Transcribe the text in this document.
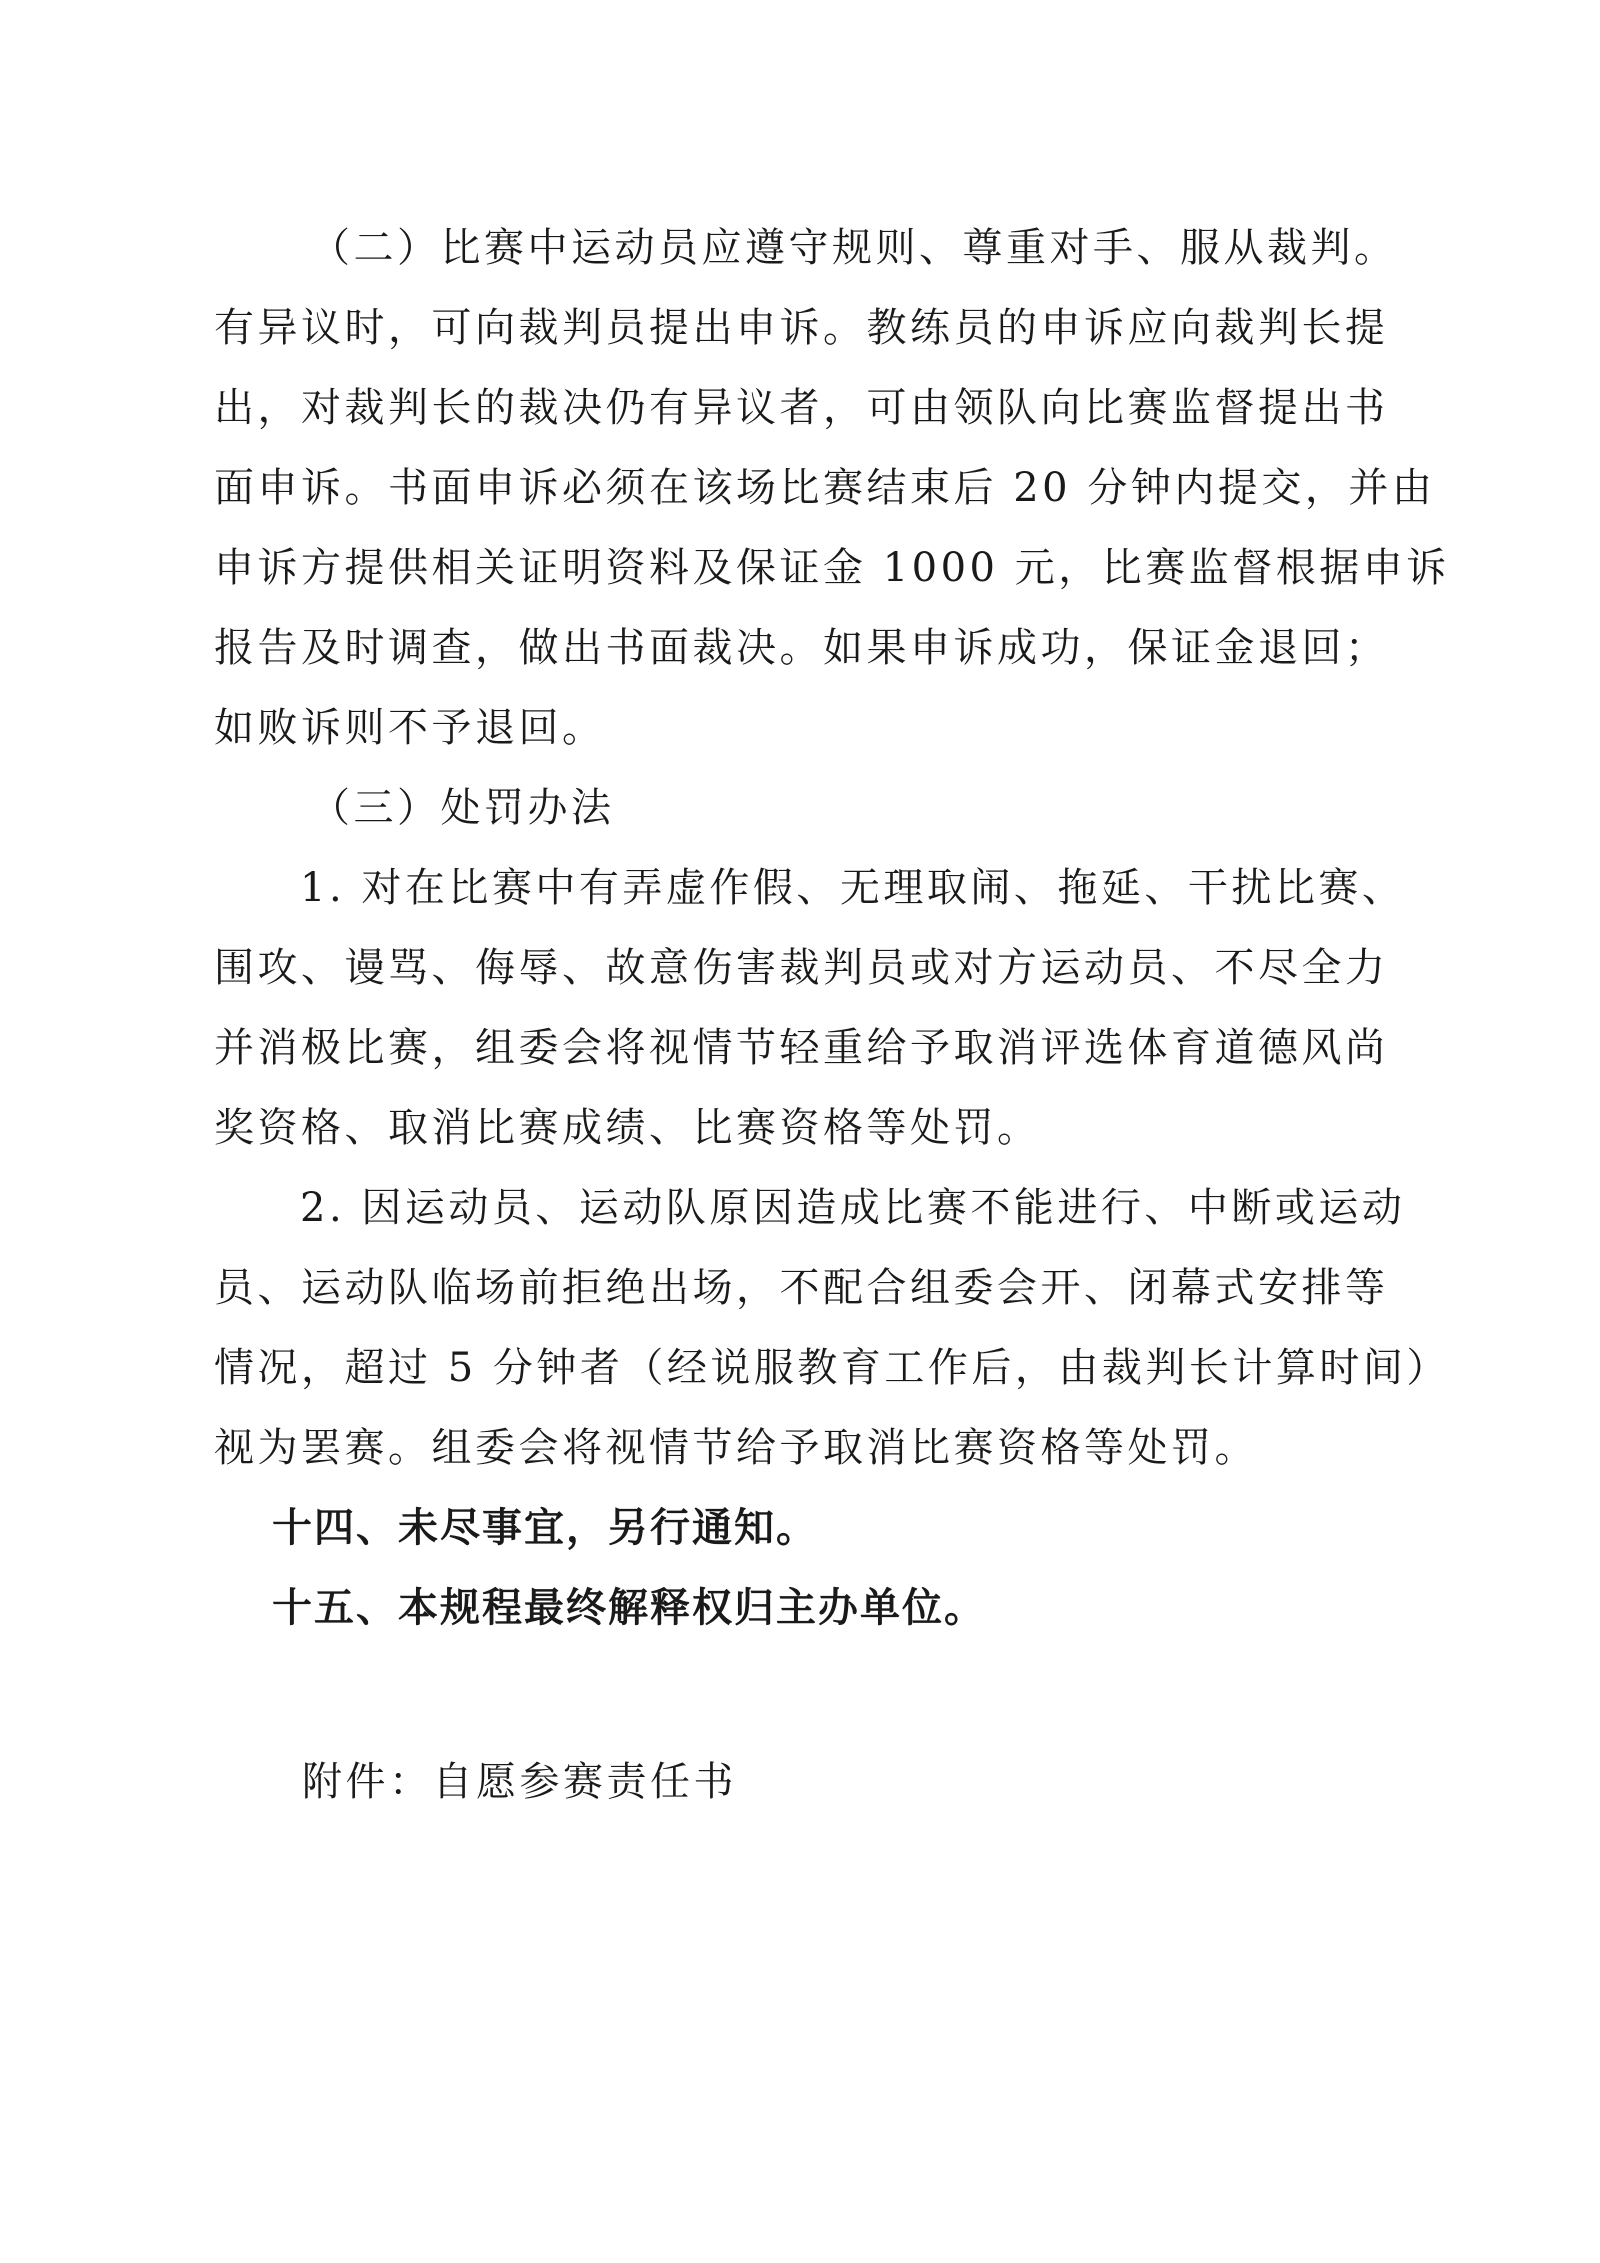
（二）比赛中运动员应遵守规则、尊重对手、服从裁判。
有异议时，可向裁判员提出申诉。教练员的申诉应向裁判长提
出，对裁判长的裁决仍有异议者，可由领队向比赛监督提出书
面申诉。书面申诉必须在该场比赛结束后 20 分钟内提交，并由
申诉方提供相关证明资料及保证金 1000 元，比赛监督根据申诉
报告及时调查，做出书面裁决。如果申诉成功，保证金退回；
如败诉则不予退回。
（三）处罚办法
1. 对在比赛中有弄虚作假、无理取闹、拖延、干扰比赛、
围攻、谩骂、侮辱、故意伤害裁判员或对方运动员、不尽全力
并消极比赛，组委会将视情节轻重给予取消评选体育道德风尚
奖资格、取消比赛成绩、比赛资格等处罚。
2. 因运动员、运动队原因造成比赛不能进行、中断或运动
员、运动队临场前拒绝出场，不配合组委会开、闭幕式安排等
情况，超过 5 分钟者（经说服教育工作后，由裁判长计算时间）
视为罢赛。组委会将视情节给予取消比赛资格等处罚。
十四、未尽事宜，另行通知。
十五、本规程最终解释权归主办单位。
附件：自愿参赛责任书
